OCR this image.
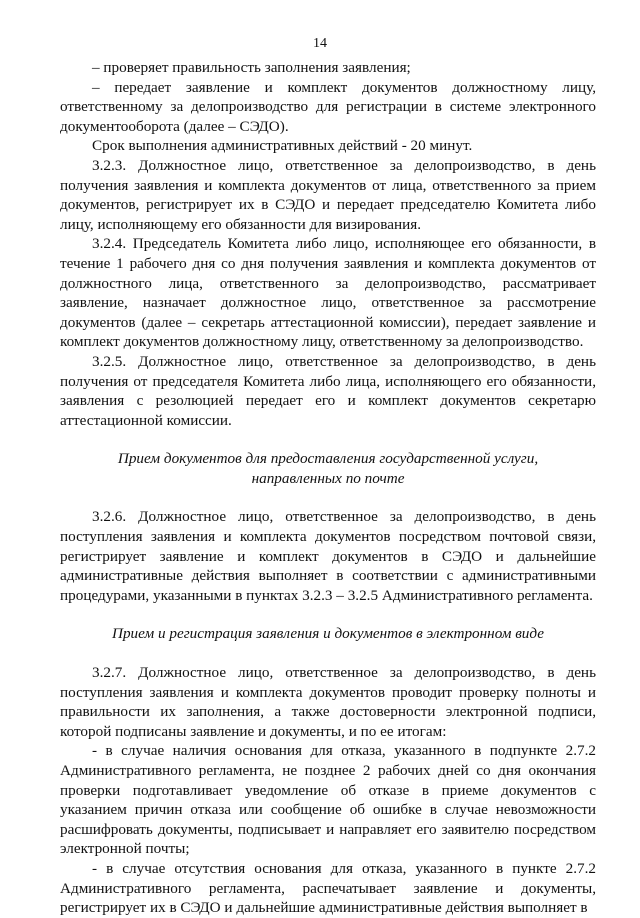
14

– проверяет правильность заполнения заявления;

– передает заявление и комплект документов должностному лицу, ответственному за делопроизводство для регистрации в системе электронного документооборота (далее – СЭДО).

Срок выполнения административных действий - 20 минут.

3.2.3. Должностное лицо, ответственное за делопроизводство, в день получения заявления и комплекта документов от лица, ответственного за прием документов, регистрирует их в СЭДО и передает председателю Комитета либо лицу, исполняющему его обязанности для визирования.

3.2.4. Председатель Комитета либо лицо, исполняющее его обязанности, в течение 1 рабочего дня со дня получения заявления и комплекта документов от должностного лица, ответственного за делопроизводство, рассматривает заявление, назначает должностное лицо, ответственное за рассмотрение документов (далее – секретарь аттестационной комиссии), передает заявление и комплект документов должностному лицу, ответственному за делопроизводство.

3.2.5. Должностное лицо, ответственное за делопроизводство, в день получения от председателя Комитета либо лица, исполняющего его обязанности, заявления с резолюцией передает его и комплект документов секретарю аттестационной комиссии.

Прием документов для предоставления государственной услуги, направленных по почте

3.2.6. Должностное лицо, ответственное за делопроизводство, в день поступления заявления и комплекта документов посредством почтовой связи, регистрирует заявление и комплект документов в СЭДО и дальнейшие административные действия выполняет в соответствии с административными процедурами, указанными в пунктах 3.2.3 – 3.2.5 Административного регламента.

Прием и регистрация заявления и документов в электронном виде

3.2.7. Должностное лицо, ответственное за делопроизводство, в день поступления заявления и комплекта документов проводит проверку полноты и правильности их заполнения, а также достоверности электронной подписи, которой подписаны заявление и документы, и по ее итогам:

- в случае наличия основания для отказа, указанного в подпункте 2.7.2 Административного регламента, не позднее 2 рабочих дней со дня окончания проверки подготавливает уведомление об отказе в приеме документов с указанием причин отказа или сообщение об ошибке в случае невозможности расшифровать документы, подписывает и направляет его заявителю посредством электронной почты;

- в случае отсутствия основания для отказа, указанного в пункте 2.7.2 Административного регламента, распечатывает заявление и документы, регистрирует их в СЭДО и дальнейшие административные действия выполняет в
